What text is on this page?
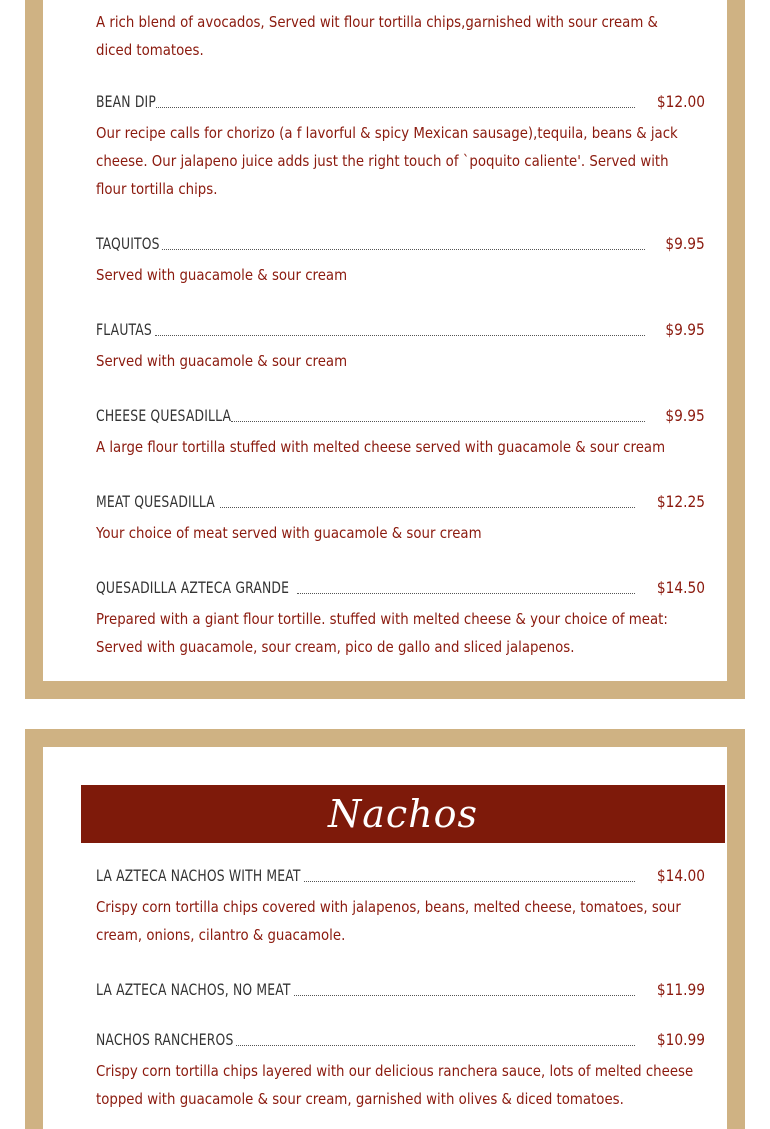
A rich blend of avocados, Served wit flour tortilla chips,garnished with sour cream & diced tomatoes.
BEAN DIP	$12.00
Our recipe calls for chorizo (a f lavorful & spicy Mexican sausage),tequila, beans & jack cheese. Our jalapeno juice adds just the right touch of `poquito caliente'. Served with flour tortilla chips.
TAQUITOS	$9.95
Served with guacamole & sour cream
FLAUTAS	$9.95
Served with guacamole & sour cream
CHEESE QUESADILLA	$9.95
A large flour tortilla stuffed with melted cheese served with guacamole & sour cream
MEAT QUESADILLA	$12.25
Your choice of meat served with guacamole & sour cream
QUESADILLA AZTECA GRANDE	$14.50
Prepared with a giant flour tortille. stuffed with melted cheese & your choice of meat: Served with guacamole, sour cream, pico de gallo and sliced jalapenos.
Nachos
LA AZTECA NACHOS WITH MEAT	$14.00
Crispy corn tortilla chips covered with jalapenos, beans, melted cheese, tomatoes, sour cream, onions, cilantro & guacamole.
LA AZTECA NACHOS, NO MEAT	$11.99
NACHOS RANCHEROS	$10.99
Crispy corn tortilla chips layered with our delicious ranchera sauce, lots of melted cheese topped with guacamole & sour cream, garnished with olives & diced tomatoes.
